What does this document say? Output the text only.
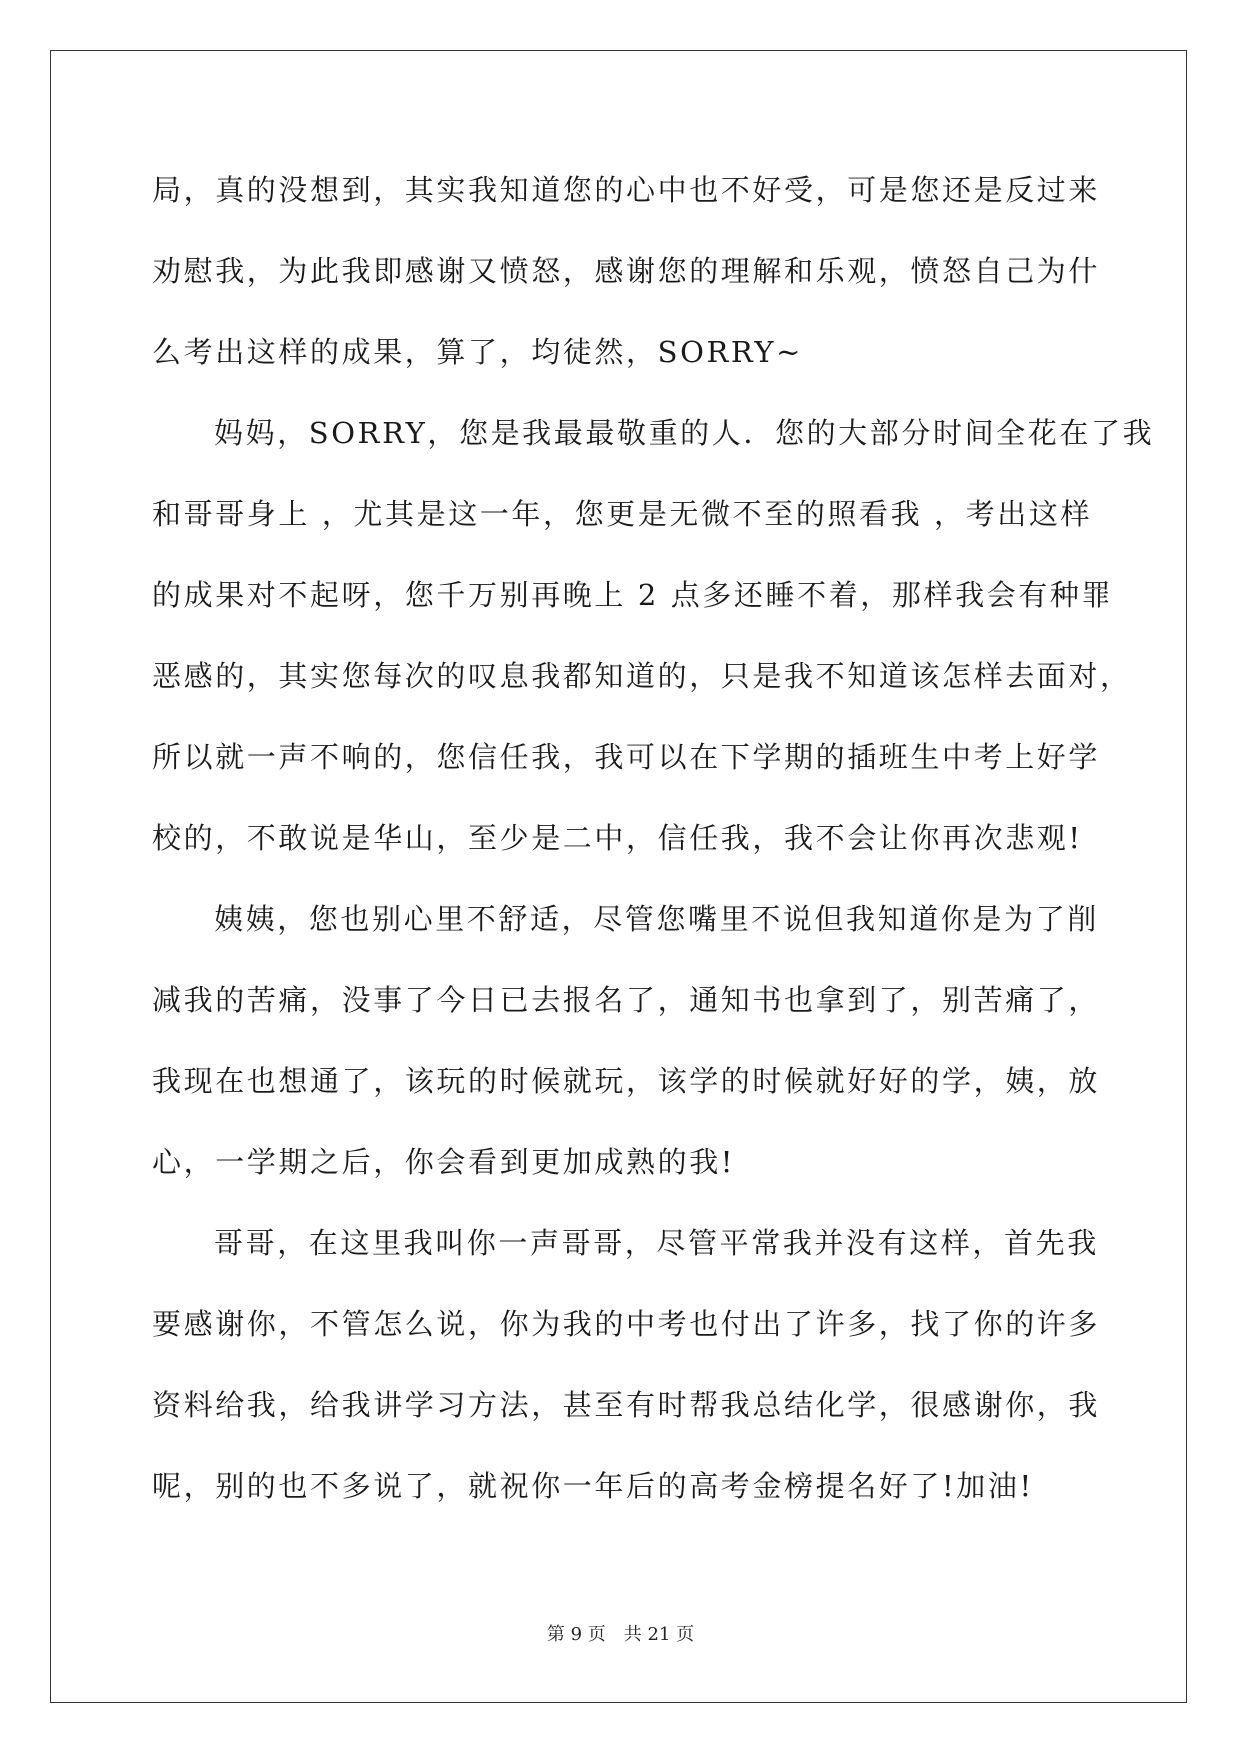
局，真的没想到，其实我知道您的心中也不好受，可是您还是反过来
劝慰我，为此我即感谢又愤怒，感谢您的理解和乐观，愤怒自己为什
么考出这样的成果，算了，均徒然，SORRY~
妈妈，SORRY，您是我最最敬重的人．您的大部分时间全花在了我
和哥哥身上 ，尤其是这一年，您更是无微不至的照看我 ，考出这样
的成果对不起呀，您千万别再晚上 2 点多还睡不着，那样我会有种罪
恶感的，其实您每次的叹息我都知道的，只是我不知道该怎样去面对，
所以就一声不响的，您信任我，我可以在下学期的插班生中考上好学
校的，不敢说是华山，至少是二中，信任我，我不会让你再次悲观!
姨姨，您也别心里不舒适，尽管您嘴里不说但我知道你是为了削
减我的苦痛，没事了今日已去报名了，通知书也拿到了，别苦痛了，
我现在也想通了，该玩的时候就玩，该学的时候就好好的学，姨，放
心，一学期之后，你会看到更加成熟的我!
哥哥，在这里我叫你一声哥哥，尽管平常我并没有这样，首先我
要感谢你，不管怎么说，你为我的中考也付出了许多，找了你的许多
资料给我，给我讲学习方法，甚至有时帮我总结化学，很感谢你，我
呢，别的也不多说了，就祝你一年后的高考金榜提名好了!加油!
第 9 页　共 21 页
